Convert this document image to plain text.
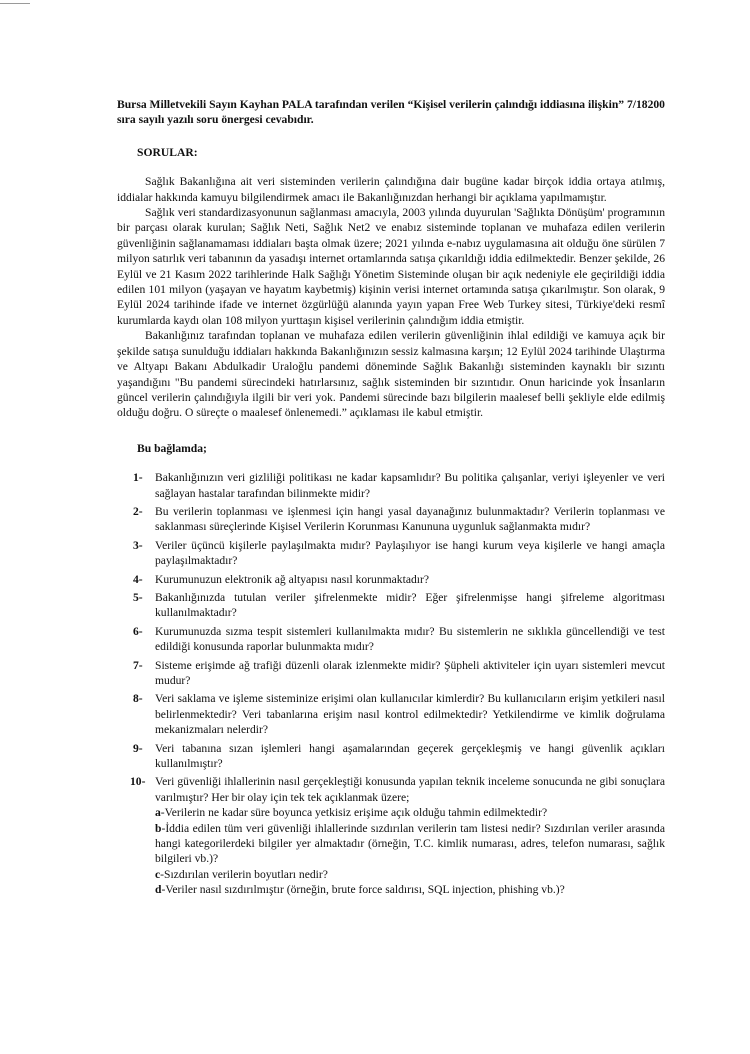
Bursa Milletvekili Sayın Kayhan PALA tarafından verilen “Kişisel verilerin çalındığı iddiasına ilişkin” 7/18200 sıra sayılı yazılı soru önergesi cevabıdır.

SORULAR:

Sağlık Bakanlığına ait veri sisteminden verilerin çalındığına dair bugüne kadar birçok iddia ortaya atılmış, iddialar hakkında kamuyu bilgilendirmek amacı ile Bakanlığınızdan herhangi bir açıklama yapılmamıştır.

Sağlık veri standardizasyonunun sağlanması amacıyla, 2003 yılında duyurulan 'Sağlıkta Dönüşüm' programının bir parçası olarak kurulan; Sağlık Neti, Sağlık Net2 ve enabız sisteminde toplanan ve muhafaza edilen verilerin güvenliğinin sağlanamaması iddiaları başta olmak üzere; 2021 yılında e-nabız uygulamasına ait olduğu öne sürülen 7 milyon satırlık veri tabanının da yasadışı internet ortamlarında satışa çıkarıldığı iddia edilmektedir. Benzer şekilde, 26 Eylül ve 21 Kasım 2022 tarihlerinde Halk Sağlığı Yönetim Sisteminde oluşan bir açık nedeniyle ele geçirildiği iddia edilen 101 milyon (yaşayan ve hayatım kaybetmiş) kişinin verisi internet ortamında satışa çıkarılmıştır. Son olarak, 9 Eylül 2024 tarihinde ifade ve internet özgürlüğü alanında yayın yapan Free Web Turkey sitesi, Türkiye'deki resmî kurumlarda kaydı olan 108 milyon yurttaşın kişisel verilerinin çalındığım iddia etmiştir.

Bakanlığınız tarafından toplanan ve muhafaza edilen verilerin güvenliğinin ihlal edildiği ve kamuya açık bir şekilde satışa sunulduğu iddiaları hakkında Bakanlığınızın sessiz kalmasına karşın; 12 Eylül 2024 tarihinde Ulaştırma ve Altyapı Bakanı Abdulkadir Uraloğlu pandemi döneminde Sağlık Bakanlığı sisteminden kaynaklı bir sızıntı yaşandığını "Bu pandemi sürecindeki hatırlarsınız, sağlık sisteminden bir sızıntıdır. Onun haricinde yok İnsanların güncel verilerin çalındığıyla ilgili bir veri yok. Pandemi sürecinde bazı bilgilerin maalesef belli şekliyle elde edilmiş olduğu doğru. O süreçte o maalesef önlenemedi.” açıklaması ile kabul etmiştir.

Bu bağlamda;

1- Bakanlığınızın veri gizliliği politikası ne kadar kapsamlıdır? Bu politika çalışanlar, veriyi işleyenler ve veri sağlayan hastalar tarafından bilinmekte midir?
2- Bu verilerin toplanması ve işlenmesi için hangi yasal dayanağınız bulunmaktadır? Verilerin toplanması ve saklanması süreçlerinde Kişisel Verilerin Korunması Kanununa uygunluk sağlanmakta mıdır?
3- Veriler üçüncü kişilerle paylaşılmakta mıdır? Paylaşılıyor ise hangi kurum veya kişilerle ve hangi amaçla paylaşılmaktadır?
4- Kurumunuzun elektronik ağ altyapısı nasıl korunmaktadır?
5- Bakanlığınızda tutulan veriler şifrelenmekte midir? Eğer şifrelenmişse hangi şifreleme algoritması kullanılmaktadır?
6- Kurumunuzda sızma tespit sistemleri kullanılmakta mıdır? Bu sistemlerin ne sıklıkla güncellendiği ve test edildiği konusunda raporlar bulunmakta mıdır?
7- Sisteme erişimde ağ trafiği düzenli olarak izlenmekte midir? Şüpheli aktiviteler için uyarı sistemleri mevcut mudur?
8- Veri saklama ve işleme sisteminize erişimi olan kullanıcılar kimlerdir? Bu kullanıcıların erişim yetkileri nasıl belirlenmektedir? Veri tabanlarına erişim nasıl kontrol edilmektedir? Yetkilendirme ve kimlik doğrulama mekanizmaları nelerdir?
9- Veri tabanına sızan işlemleri hangi aşamalarından geçerek gerçekleşmiş ve hangi güvenlik açıkları kullanılmıştır?
10- Veri güvenliği ihlallerinin nasıl gerçekleştiği konusunda yapılan teknik inceleme sonucunda ne gibi sonuçlara varılmıştır? Her bir olay için tek tek açıklanmak üzere;

a-Verilerin ne kadar süre boyunca yetkisiz erişime açık olduğu tahmin edilmektedir?

b-İddia edilen tüm veri güvenliği ihlallerinde sızdırılan verilerin tam listesi nedir? Sızdırılan veriler arasında hangi kategorilerdeki bilgiler yer almaktadır (örneğin, T.C. kimlik numarası, adres, telefon numarası, sağlık bilgileri vb.)?

c-Sızdırılan verilerin boyutları nedir?

d-Veriler nasıl sızdırılmıştır (örneğin, brute force saldırısı, SQL injection, phishing vb.)?
